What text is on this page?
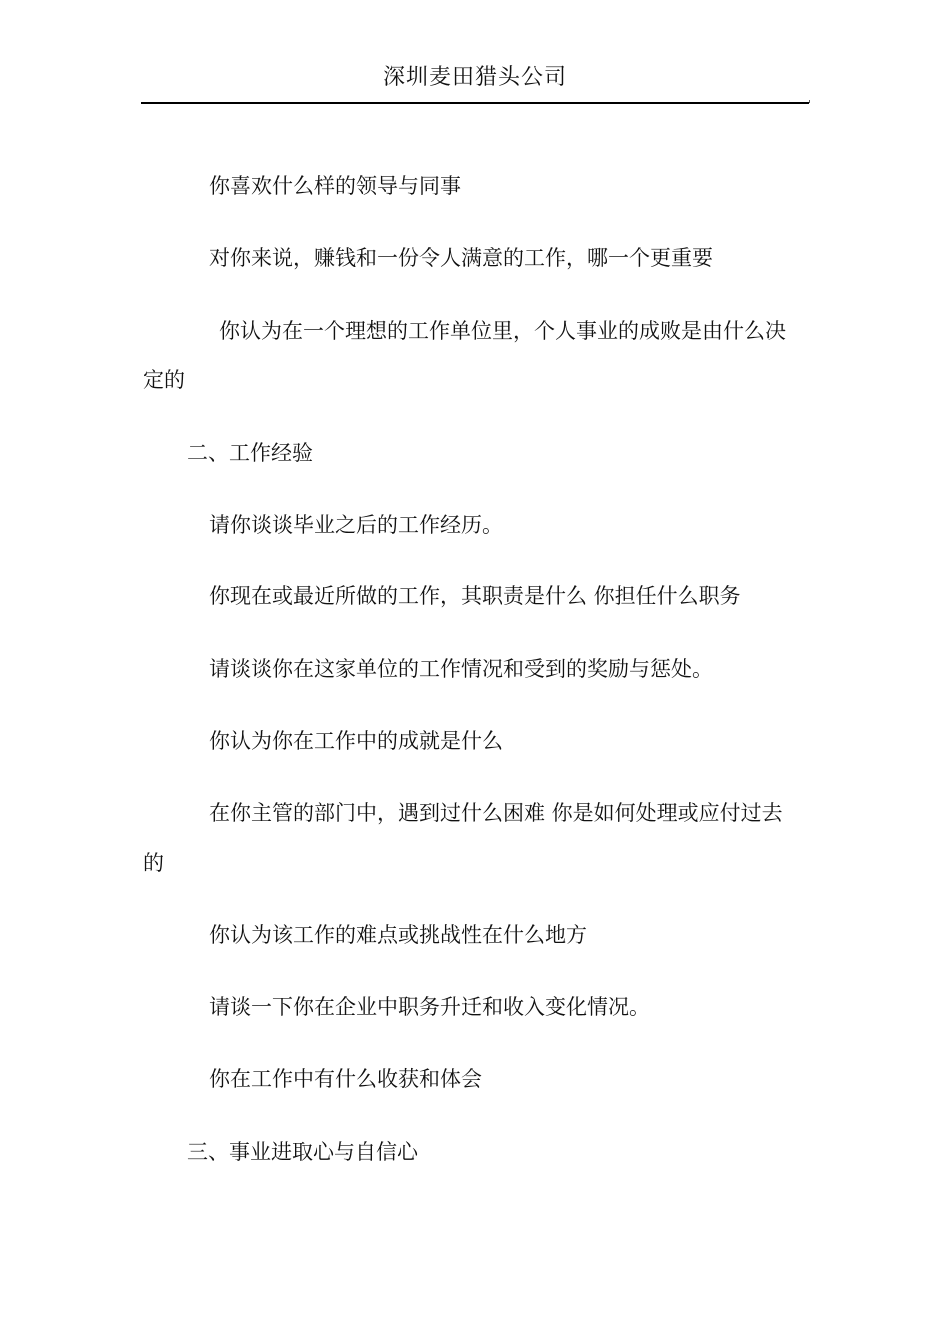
深圳麦田猎头公司
你喜欢什么样的领导与同事
对你来说，赚钱和一份令人满意的工作，哪一个更重要
你认为在一个理想的工作单位里，个人事业的成败是由什么决
定的
二、工作经验
请你谈谈毕业之后的工作经历。
你现在或最近所做的工作，其职责是什么 你担任什么职务
请谈谈你在这家单位的工作情况和受到的奖励与惩处。
你认为你在工作中的成就是什么
在你主管的部门中，遇到过什么困难 你是如何处理或应付过去
的
你认为该工作的难点或挑战性在什么地方
请谈一下你在企业中职务升迁和收入变化情况。
你在工作中有什么收获和体会
三、事业进取心与自信心
